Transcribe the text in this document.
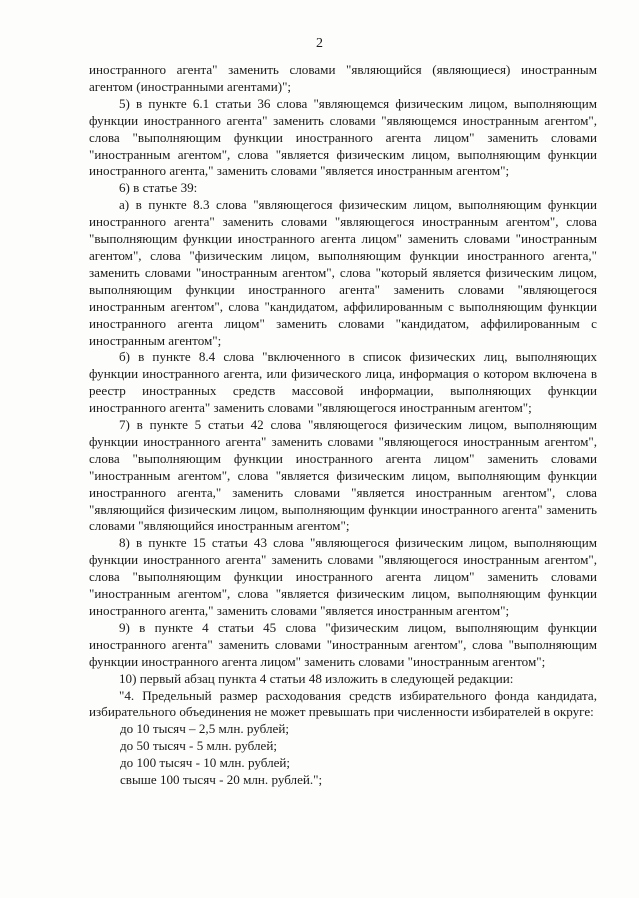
2

иностранного агента" заменить словами "являющийся (являющиеся) иностранным агентом (иностранными агентами)";

5) в пункте 6.1 статьи 36 слова "являющемся физическим лицом, выполняющим функции иностранного агента" заменить словами "являющемся иностранным агентом", слова "выполняющим функции иностранного агента лицом" заменить словами "иностранным агентом", слова "является физическим лицом, выполняющим функции иностранного агента," заменить словами "является иностранным агентом";

6) в статье 39:

а) в пункте 8.3 слова "являющегося физическим лицом, выполняющим функции иностранного агента" заменить словами "являющегося иностранным агентом", слова "выполняющим функции иностранного агента лицом" заменить словами "иностранным агентом", слова "физическим лицом, выполняющим функции иностранного агента," заменить словами "иностранным агентом", слова "который является физическим лицом, выполняющим функции иностранного агента" заменить словами "являющегося иностранным агентом", слова "кандидатом, аффилированным с выполняющим функции иностранного агента лицом" заменить словами "кандидатом, аффилированным с иностранным агентом";

б) в пункте 8.4 слова "включенного в список физических лиц, выполняющих функции иностранного агента, или физического лица, информация о котором включена в реестр иностранных средств массовой информации, выполняющих функции иностранного агента" заменить словами "являющегося иностранным агентом";

7) в пункте 5 статьи 42 слова "являющегося физическим лицом, выполняющим функции иностранного агента" заменить словами "являющегося иностранным агентом", слова "выполняющим функции иностранного агента лицом" заменить словами "иностранным агентом", слова "является физическим лицом, выполняющим функции иностранного агента," заменить словами "является иностранным агентом", слова "являющийся физическим лицом, выполняющим функции иностранного агента" заменить словами "являющийся иностранным агентом";

8) в пункте 15 статьи 43 слова "являющегося физическим лицом, выполняющим функции иностранного агента" заменить словами "являющегося иностранным агентом", слова "выполняющим функции иностранного агента лицом" заменить словами "иностранным агентом", слова "является физическим лицом, выполняющим функции иностранного агента," заменить словами "является иностранным агентом";

9) в пункте 4 статьи 45 слова "физическим лицом, выполняющим функции иностранного агента" заменить словами "иностранным агентом", слова "выполняющим функции иностранного агента лицом" заменить словами "иностранным агентом";

10) первый абзац пункта 4 статьи 48 изложить в следующей редакции:

"4. Предельный размер расходования средств избирательного фонда кандидата, избирательного объединения не может превышать при численности избирателей в округе:

до 10 тысяч – 2,5 млн. рублей;

до 50 тысяч - 5 млн. рублей;

до 100 тысяч - 10 млн. рублей;

свыше 100 тысяч - 20 млн. рублей.";
